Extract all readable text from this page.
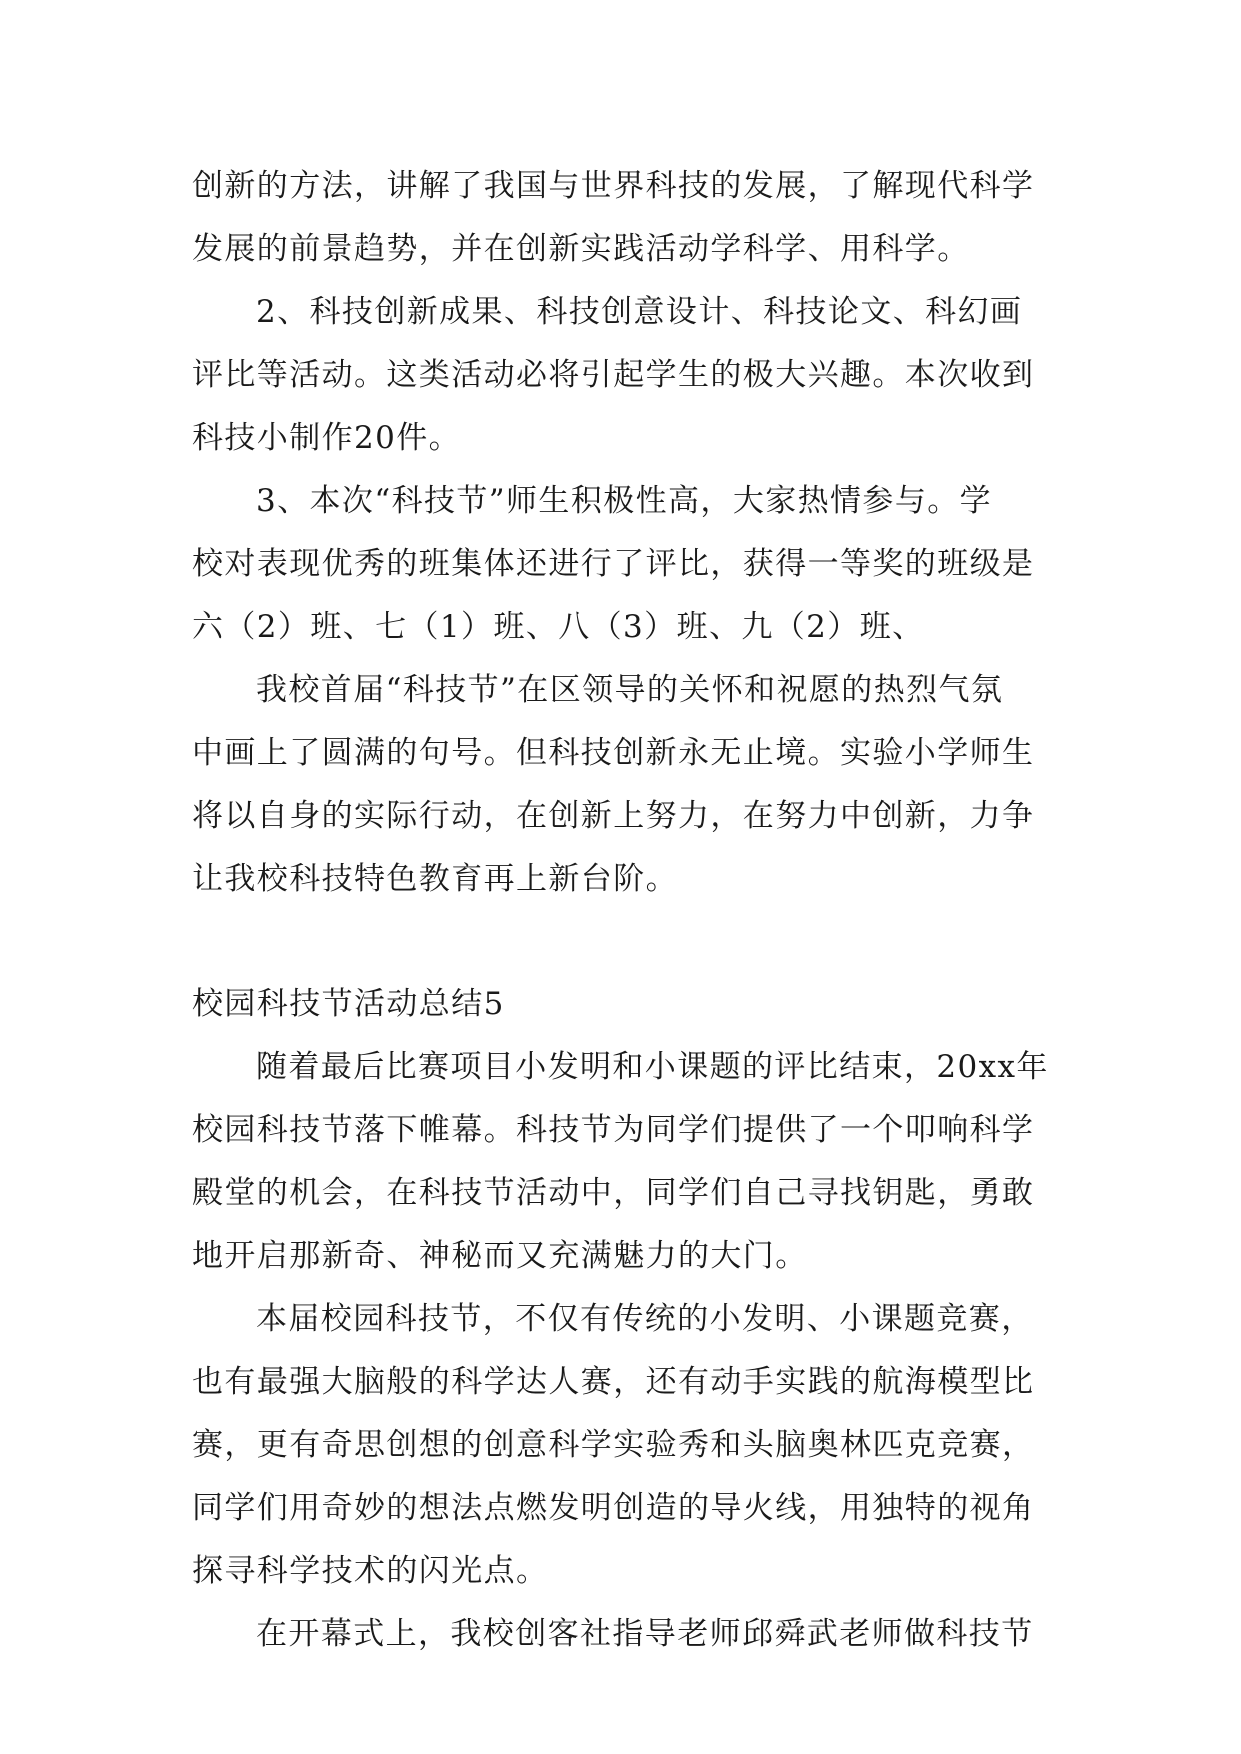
创新的方法，讲解了我国与世界科技的发展，了解现代科学
发展的前景趋势，并在创新实践活动学科学、用科学。
2、科技创新成果、科技创意设计、科技论文、科幻画
评比等活动。这类活动必将引起学生的极大兴趣。本次收到
科技小制作20件。
3、本次“科技节”师生积极性高，大家热情参与。学
校对表现优秀的班集体还进行了评比，获得一等奖的班级是
六（2）班、七（1）班、八（3）班、九（2）班、
我校首届“科技节”在区领导的关怀和祝愿的热烈气氛
中画上了圆满的句号。但科技创新永无止境。实验小学师生
将以自身的实际行动，在创新上努力，在努力中创新，力争
让我校科技特色教育再上新台阶。
校园科技节活动总结5
随着最后比赛项目小发明和小课题的评比结束，20xx年
校园科技节落下帷幕。科技节为同学们提供了一个叩响科学
殿堂的机会，在科技节活动中，同学们自己寻找钥匙，勇敢
地开启那新奇、神秘而又充满魅力的大门。
本届校园科技节，不仅有传统的小发明、小课题竞赛，
也有最强大脑般的科学达人赛，还有动手实践的航海模型比
赛，更有奇思创想的创意科学实验秀和头脑奥林匹克竞赛，
同学们用奇妙的想法点燃发明创造的导火线，用独特的视角
探寻科学技术的闪光点。
在开幕式上，我校创客社指导老师邱舜武老师做科技节
